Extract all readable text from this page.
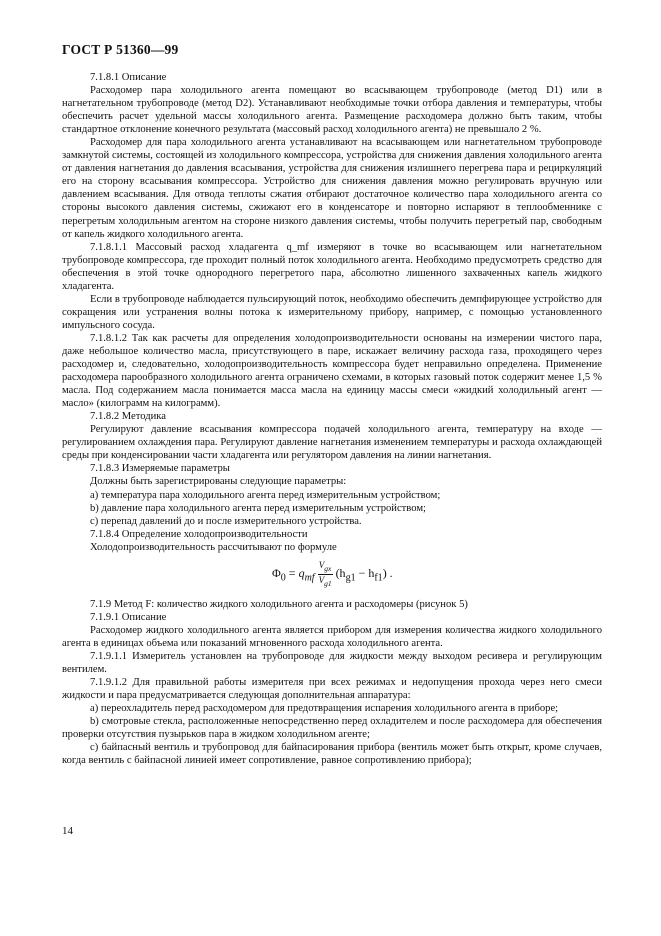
ГОСТ Р 51360—99

7.1.8.1 Описание

Расходомер пара холодильного агента помещают во всасывающем трубопроводе (метод D1) или в нагнетательном трубопроводе (метод D2). Устанавливают необходимые точки отбора давления и температуры, чтобы обеспечить расчет удельной массы холодильного агента. Размещение расходомера должно быть таким, чтобы стандартное отклонение конечного результата (массовый расход холодильного агента) не превышало 2 %.

Расходомер для пара холодильного агента устанавливают на всасывающем или нагнетательном трубопроводе замкнутой системы, состоящей из холодильного компрессора, устройства для снижения давления холодильного агента от давления нагнетания до давления всасывания, устройства для снижения излишнего перегрева пара и рециркуляций его на сторону всасывания компрессора. Устройство для снижения давления можно регулировать вручную или давлением всасывания. Для отвода теплоты сжатия отбирают достаточное количество пара холодильного агента со стороны высокого давления системы, сжижают его в конденсаторе и повторно испаряют в теплообменнике с перегретым холодильным агентом на стороне низкого давления системы, чтобы получить перегретый пар, свободным от капель жидкого холодильного агента.

7.1.8.1.1 Массовый расход хладагента q_mf измеряют в точке во всасывающем или нагнетательном трубопроводе компрессора, где проходит полный поток холодильного агента. Необходимо предусмотреть средство для обеспечения в этой точке однородного перегретого пара, абсолютно лишенного захваченных капель жидкого хладагента.

Если в трубопроводе наблюдается пульсирующий поток, необходимо обеспечить демпфирующее устройство для сокращения или устранения волны потока к измерительному прибору, например, с помощью установленного импульсного сосуда.

7.1.8.1.2 Так как расчеты для определения холодопроизводительности основаны на измерении чистого пара, даже небольшое количество масла, присутствующего в паре, искажает величину расхода газа, проходящего через расходомер и, следовательно, холодопроизводительность компрессора будет неправильно определена. Применение расходомера парообразного холодильного агента ограничено схемами, в которых газовый поток содержит менее 1,5 % масла. Под содержанием масла понимается масса масла на единицу массы смеси «жидкий холодильный агент — масло» (килограмм на килограмм).

7.1.8.2 Методика

Регулируют давление всасывания компрессора подачей холодильного агента, температуру на входе — регулированием охлаждения пара. Регулируют давление нагнетания изменением температуры и расхода охлаждающей среды при конденсировании части хладагента или регулятором давления на линии нагнетания.

7.1.8.3 Измеряемые параметры

Должны быть зарегистрированы следующие параметры:

а) температура пара холодильного агента перед измерительным устройством;

b) давление пара холодильного агента перед измерительным устройством;

с) перепад давлений до и после измерительного устройства.

7.1.8.4 Определение холодопроизводительности

Холодопроизводительность рассчитывают по формуле

$\Phi_0 = q_{mf} \frac{V_{gx}}{V_{g1}} (h_{g1} - h_{f1})$ .

7.1.9 Метод F: количество жидкого холодильного агента и расходомеры (рисунок 5)

7.1.9.1 Описание

Расходомер жидкого холодильного агента является прибором для измерения количества жидкого холодильного агента в единицах объема или показаний мгновенного расхода холодильного агента.

7.1.9.1.1 Измеритель установлен на трубопроводе для жидкости между выходом ресивера и регулирующим вентилем.

7.1.9.1.2 Для правильной работы измерителя при всех режимах и недопущения прохода через него смеси жидкости и пара предусматривается следующая дополнительная аппаратура:

а) переохладитель перед расходомером для предотвращения испарения холодильного агента в приборе;

b) смотровые стекла, расположенные непосредственно перед охладителем и после расходомера для обеспечения проверки отсутствия пузырьков пара в жидком холодильном агенте;

с) байпасный вентиль и трубопровод для байпасирования прибора (вентиль может быть открыт, кроме случаев, когда вентиль с байпасной линией имеет сопротивление, равное сопротивлению прибора);

14
